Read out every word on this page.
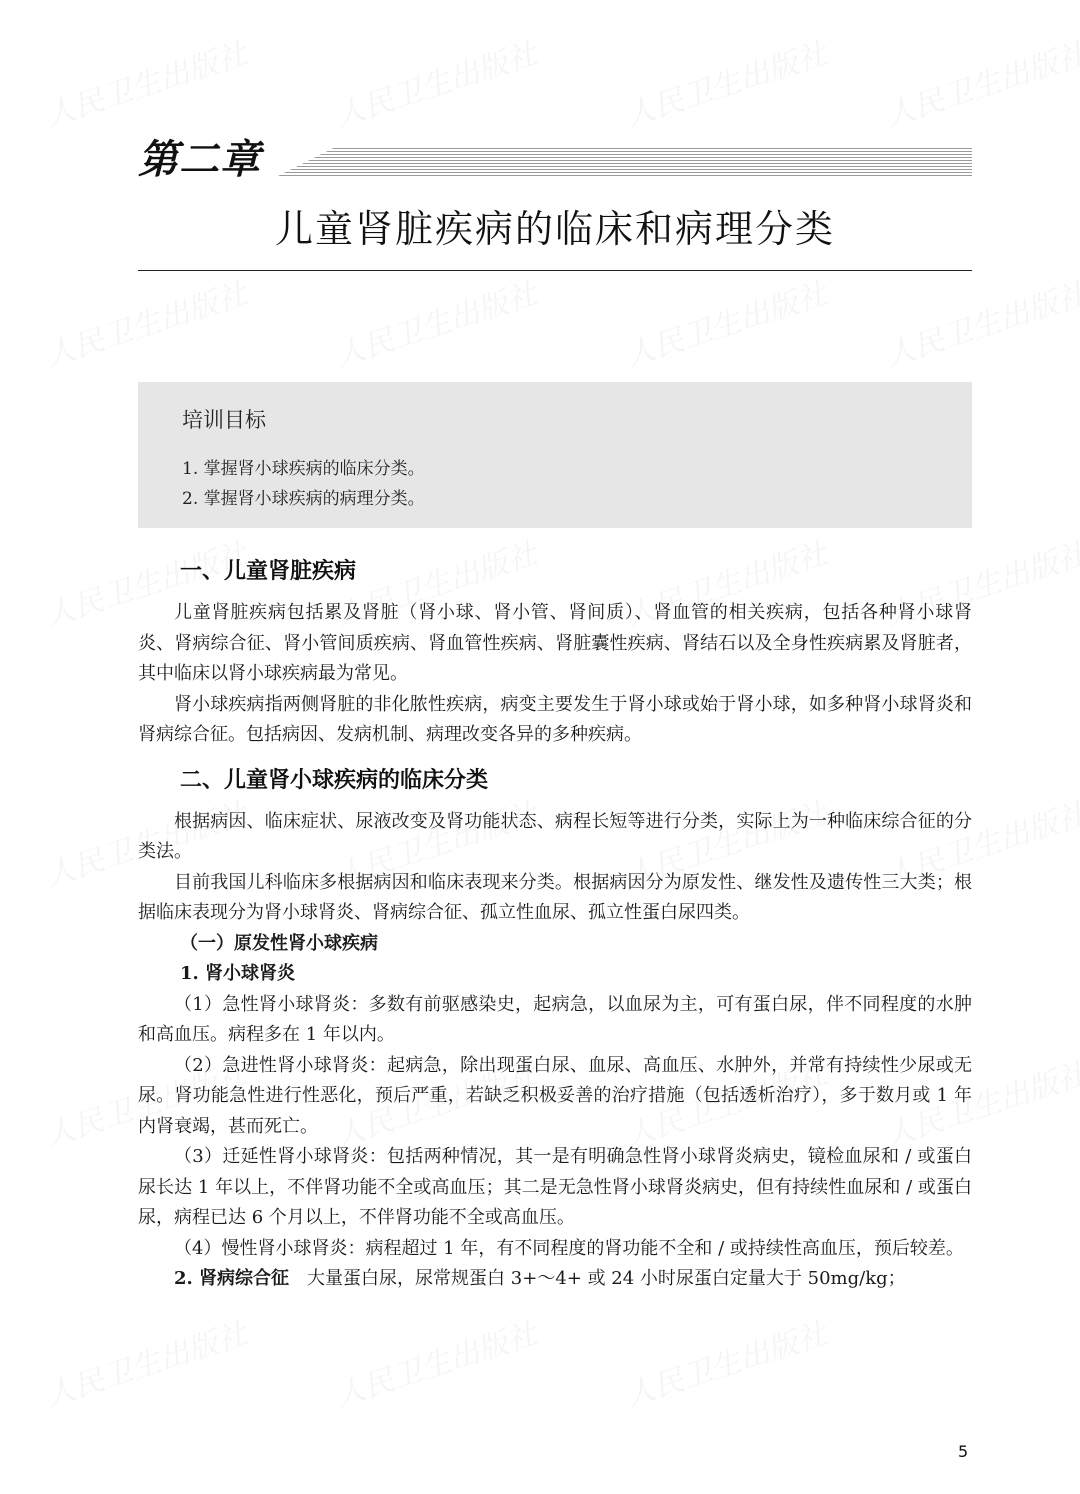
第二章
儿童肾脏疾病的临床和病理分类
培训目标
1. 掌握肾小球疾病的临床分类。
2. 掌握肾小球疾病的病理分类。
一、儿童肾脏疾病

儿童肾脏疾病包括累及肾脏（肾小球、肾小管、肾间质）、肾血管的相关疾病，包括各种肾小球肾炎、肾病综合征、肾小管间质疾病、肾血管性疾病、肾脏囊性疾病、肾结石以及全身性疾病累及肾脏者，其中临床以肾小球疾病最为常见。

肾小球疾病指两侧肾脏的非化脓性疾病，病变主要发生于肾小球或始于肾小球，如多种肾小球肾炎和肾病综合征。包括病因、发病机制、病理改变各异的多种疾病。

二、儿童肾小球疾病的临床分类

根据病因、临床症状、尿液改变及肾功能状态、病程长短等进行分类，实际上为一种临床综合征的分类法。

目前我国儿科临床多根据病因和临床表现来分类。根据病因分为原发性、继发性及遗传性三大类；根据临床表现分为肾小球肾炎、肾病综合征、孤立性血尿、孤立性蛋白尿四类。

（一）原发性肾小球疾病

1. 肾小球肾炎

（1）急性肾小球肾炎：多数有前驱感染史，起病急，以血尿为主，可有蛋白尿，伴不同程度的水肿和高血压。病程多在 1 年以内。

（2）急进性肾小球肾炎：起病急，除出现蛋白尿、血尿、高血压、水肿外，并常有持续性少尿或无尿。肾功能急性进行性恶化，预后严重，若缺乏积极妥善的治疗措施（包括透析治疗），多于数月或 1 年内肾衰竭，甚而死亡。

（3）迁延性肾小球肾炎：包括两种情况，其一是有明确急性肾小球肾炎病史，镜检血尿和 / 或蛋白尿长达 1 年以上，不伴肾功能不全或高血压；其二是无急性肾小球肾炎病史，但有持续性血尿和 / 或蛋白尿，病程已达 6 个月以上，不伴肾功能不全或高血压。

（4）慢性肾小球肾炎：病程超过 1 年，有不同程度的肾功能不全和 / 或持续性高血压，预后较差。

2. 肾病综合征　大量蛋白尿，尿常规蛋白 3+～4+ 或 24 小时尿蛋白定量大于 50mg/kg；

5
